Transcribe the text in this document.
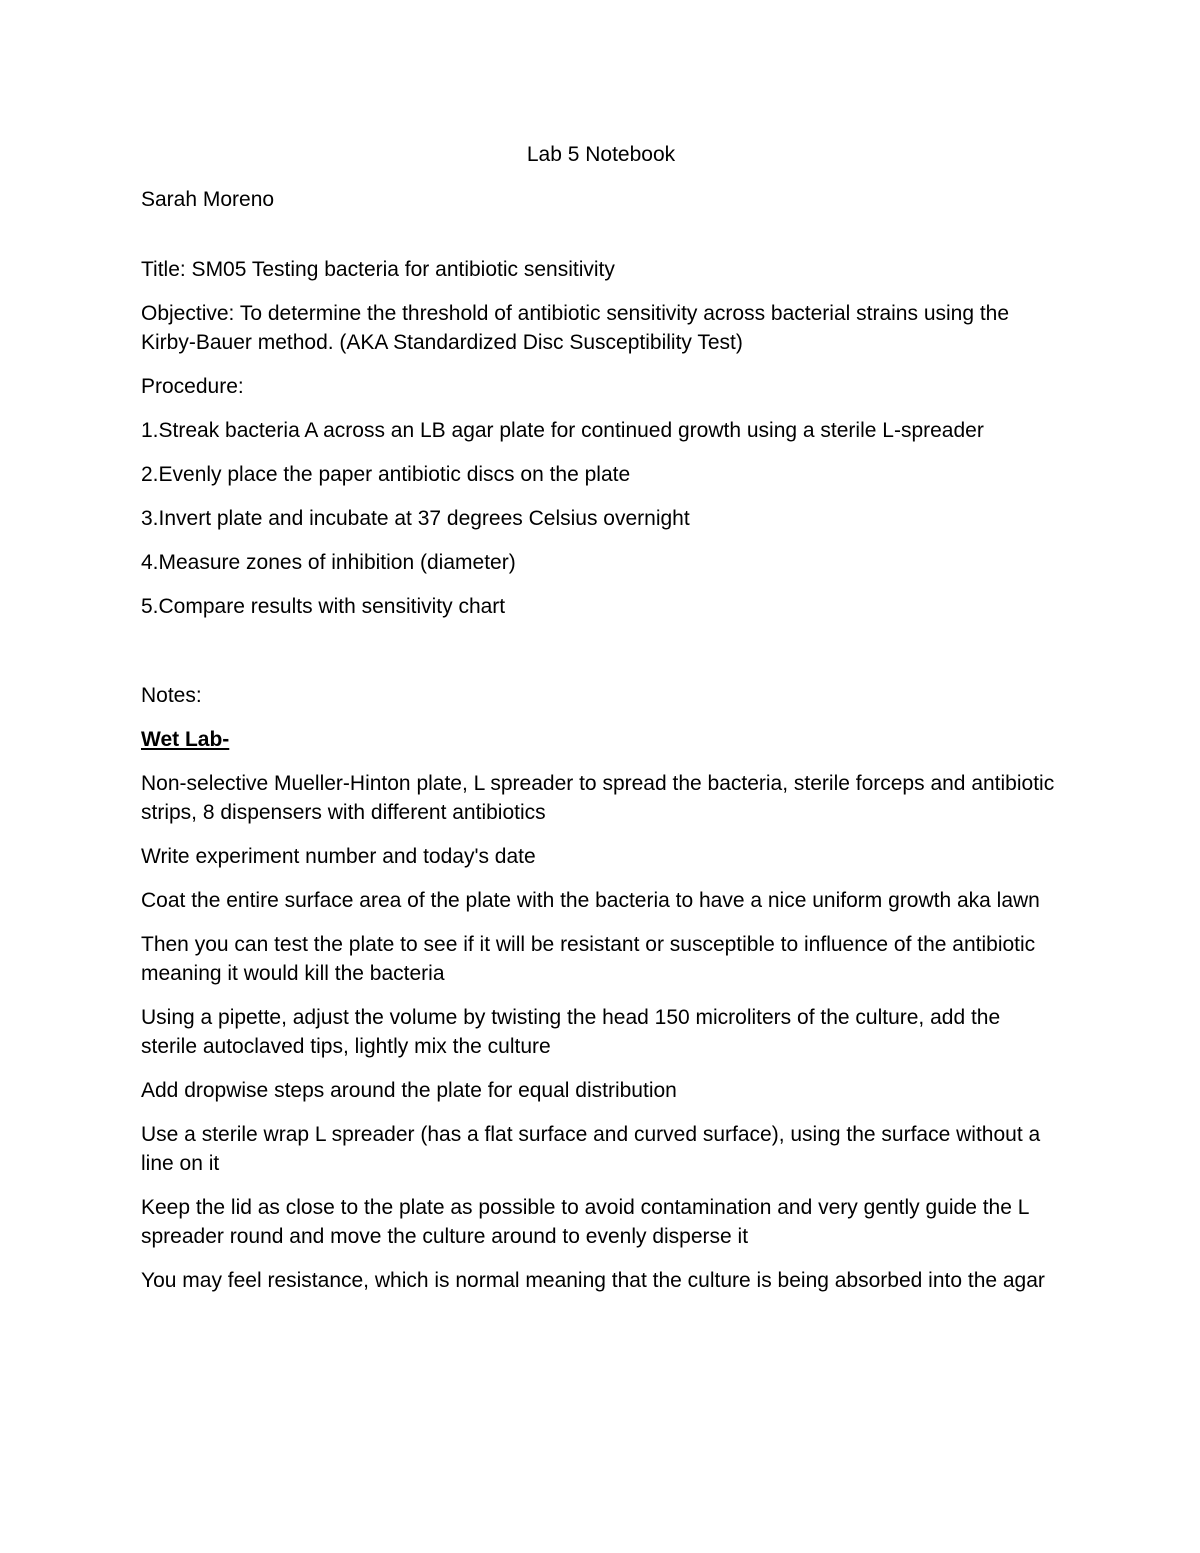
Lab 5 Notebook

Sarah Moreno

Title: SM05 Testing bacteria for antibiotic sensitivity

Objective: To determine the threshold of antibiotic sensitivity across bacterial strains using the Kirby-Bauer method. (AKA Standardized Disc Susceptibility Test)

Procedure:

1.Streak bacteria A across an LB agar plate for continued growth using a sterile L-spreader

2.Evenly place the paper antibiotic discs on the plate

3.Invert plate and incubate at 37 degrees Celsius overnight

4.Measure zones of inhibition (diameter)

5.Compare results with sensitivity chart

Notes:

Wet Lab-

Non-selective Mueller-Hinton plate, L spreader to spread the bacteria, sterile forceps and antibiotic strips, 8 dispensers with different antibiotics

Write experiment number and today's date

Coat the entire surface area of the plate with the bacteria to have a nice uniform growth aka lawn

Then you can test the plate to see if it will be resistant or susceptible to influence of the antibiotic meaning it would kill the bacteria

Using a pipette, adjust the volume by twisting the head 150 microliters of the culture, add the sterile autoclaved tips, lightly mix the culture

Add dropwise steps around the plate for equal distribution

Use a sterile wrap L spreader (has a flat surface and curved surface), using the surface without a line on it

Keep the lid as close to the plate as possible to avoid contamination and very gently guide the L spreader round and move the culture around to evenly disperse it

You may feel resistance, which is normal meaning that the culture is being absorbed into the agar
